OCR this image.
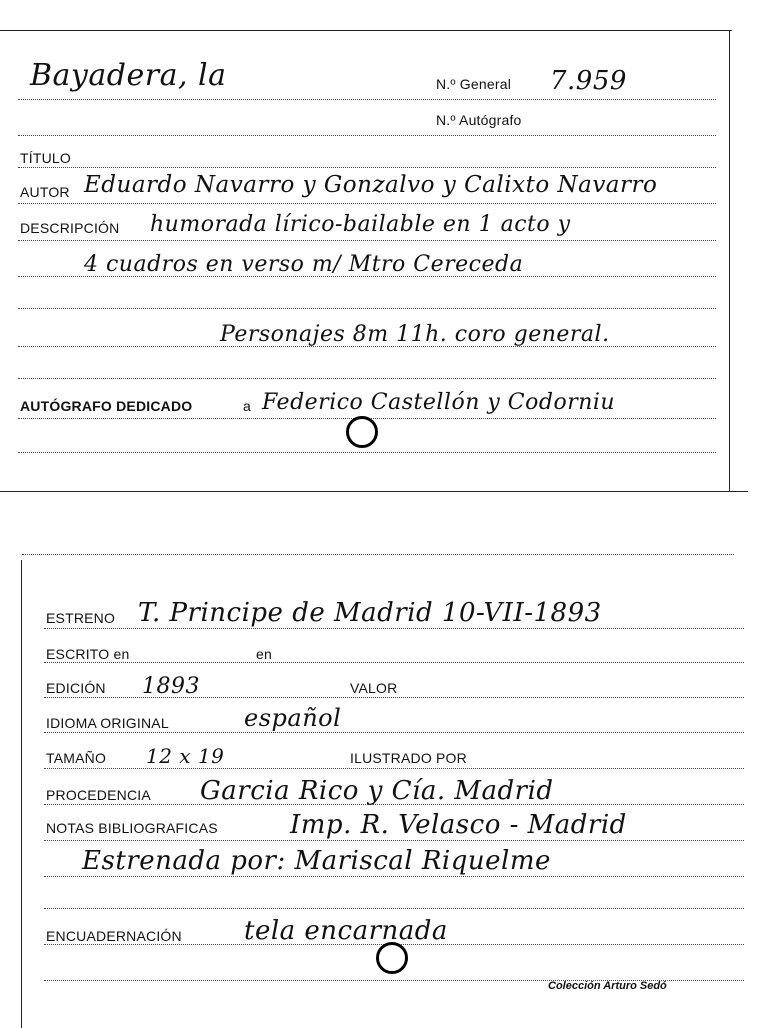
Bayadera, la	N.º General 7.959
N.º Autógrafo
TÍTULO
AUTOR Eduardo Navarro y Gonzalvo y Calixto Navarro
DESCRIPCIÓN humorada lírico-bailable en 1 acto y
4 cuadros en verso m/ Mtro Cereceda
Personajes 8m 11h. coro general.
AUTÓGRAFO DEDICADO	a Federico Castellón y Codorniu
ESTRENO T. Principe de Madrid 10-VII-1893
ESCRITO en	en
EDICIÓN 1893	VALOR
IDIOMA ORIGINAL	español
TAMAÑO 12 x 19	ILUSTRADO POR
PROCEDENCIA Garcia Rico y Cía. Madrid
NOTAS BIBLIOGRAFICAS	Imp. R. Velasco - Madrid
Estrenada por: Mariscal Riquelme
ENCUADERNACIÓN tela encarnada
Colección Arturo Sedó
